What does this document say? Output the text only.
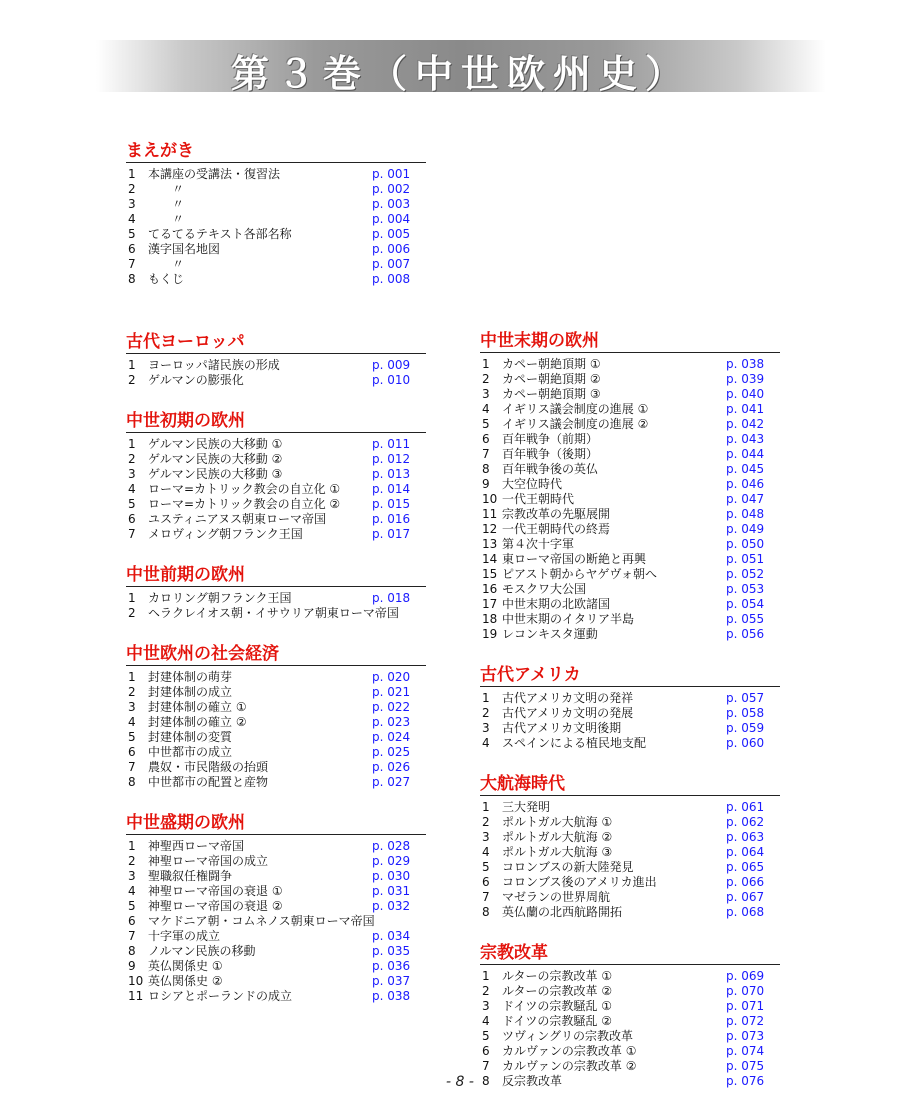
第３巻（中世欧州史）
まえがき
1	本講座の受講法・復習法	p. 001
2	　　〃	p. 002
3	　　〃	p. 003
4	　　〃	p. 004
5	てるてるテキスト各部名称	p. 005
6	漢字国名地図	p. 006
7	　　〃	p. 007
8	もくじ	p. 008
古代ヨーロッパ
1	ヨーロッパ諸民族の形成	p. 009
2	ゲルマンの膨張化	p. 010
中世初期の欧州
1	ゲルマン民族の大移動 ①	p. 011
2	ゲルマン民族の大移動 ②	p. 012
3	ゲルマン民族の大移動 ③	p. 013
4	ローマ=カトリック教会の自立化 ①	p. 014
5	ローマ=カトリック教会の自立化 ②	p. 015
6	ユスティニアヌス朝東ローマ帝国	p. 016
7	メロヴィング朝フランク王国	p. 017
中世前期の欧州
1	カロリング朝フランク王国	p. 018
2	ヘラクレイオス朝・イサウリア朝東ローマ帝国
中世欧州の社会経済
1	封建体制の萌芽	p. 020
2	封建体制の成立	p. 021
3	封建体制の確立 ①	p. 022
4	封建体制の確立 ②	p. 023
5	封建体制の変質	p. 024
6	中世都市の成立	p. 025
7	農奴・市民階級の抬頭	p. 026
8	中世都市の配置と産物	p. 027
中世盛期の欧州
1	神聖西ローマ帝国	p. 028
2	神聖ローマ帝国の成立	p. 029
3	聖職叙任権闘争	p. 030
4	神聖ローマ帝国の衰退 ①	p. 031
5	神聖ローマ帝国の衰退 ②	p. 032
6	マケドニア朝・コムネノス朝東ローマ帝国
7	十字軍の成立	p. 034
8	ノルマン民族の移動	p. 035
9	英仏関係史 ①	p. 036
10 英仏関係史 ②	p. 037
11 ロシアとポーランドの成立	p. 038
中世末期の欧州
1	カペー朝絶頂期 ①	p. 038
2	カペー朝絶頂期 ②	p. 039
3	カペー朝絶頂期 ③	p. 040
4	イギリス議会制度の進展 ①	p. 041
5	イギリス議会制度の進展 ②	p. 042
6	百年戦争（前期）	p. 043
7	百年戦争（後期）	p. 044
8	百年戦争後の英仏	p. 045
9	大空位時代	p. 046
10 一代王朝時代	p. 047
11 宗教改革の先駆展開	p. 048
12 一代王朝時代の終焉	p. 049
13 第４次十字軍	p. 050
14 東ローマ帝国の断絶と再興	p. 051
15 ピアスト朝からヤゲヴォ朝へ	p. 052
16 モスクワ大公国	p. 053
17 中世末期の北欧諸国	p. 054
18 中世末期のイタリア半島	p. 055
19 レコンキスタ運動	p. 056
古代アメリカ
1	古代アメリカ文明の発祥	p. 057
2	古代アメリカ文明の発展	p. 058
3	古代アメリカ文明後期	p. 059
4	スペインによる植民地支配	p. 060
大航海時代
1	三大発明	p. 061
2	ポルトガル大航海 ①	p. 062
3	ポルトガル大航海 ②	p. 063
4	ポルトガル大航海 ③	p. 064
5	コロンブスの新大陸発見	p. 065
6	コロンブス後のアメリカ進出	p. 066
7	マゼランの世界周航	p. 067
8	英仏蘭の北西航路開拓	p. 068
宗教改革
1	ルターの宗教改革 ①	p. 069
2	ルターの宗教改革 ②	p. 070
3	ドイツの宗教騒乱 ①	p. 071
4	ドイツの宗教騒乱 ②	p. 072
5	ツヴィングリの宗教改革	p. 073
6	カルヴァンの宗教改革 ①	p. 074
7	カルヴァンの宗教改革 ②	p. 075
8	反宗教改革	p. 076
- 8 -
